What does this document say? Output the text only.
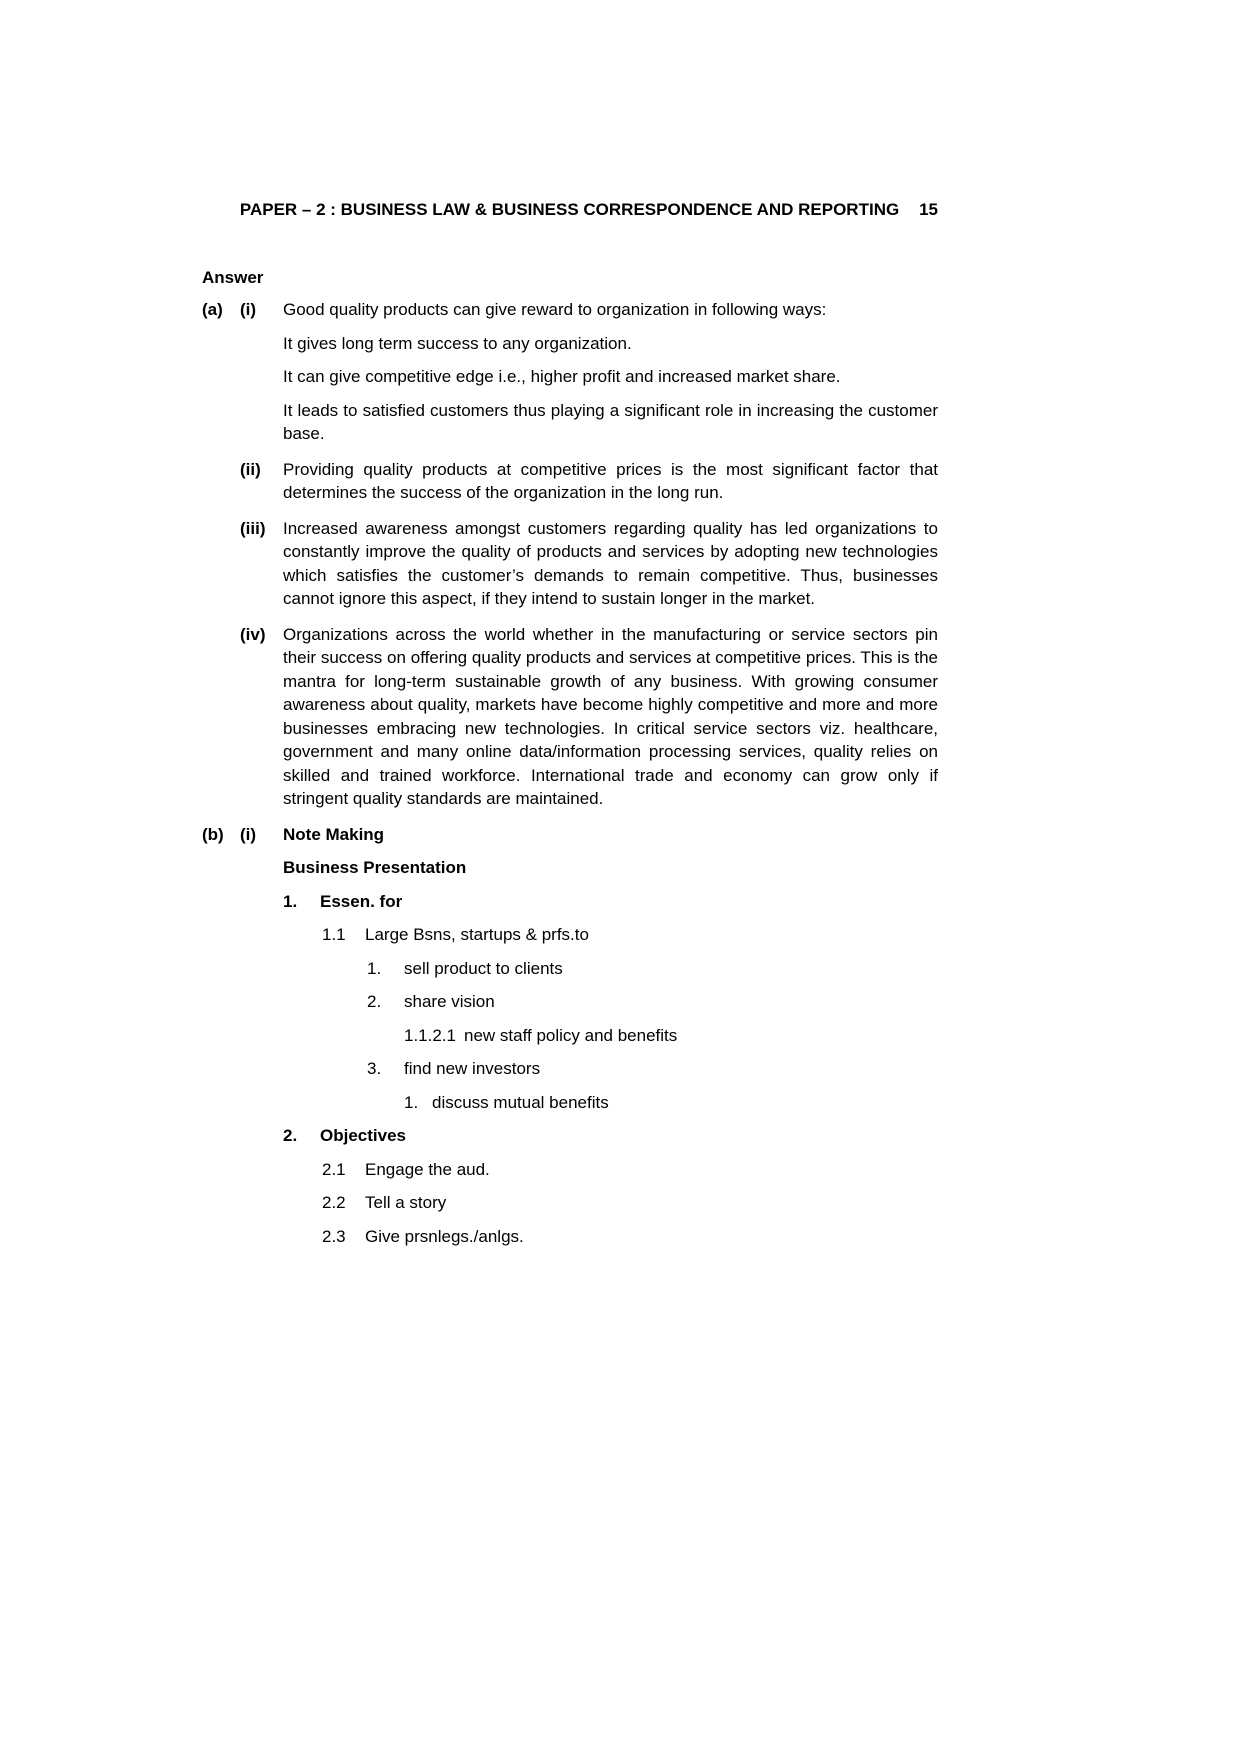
PAPER – 2 : BUSINESS LAW & BUSINESS CORRESPONDENCE AND REPORTING	15
Answer
(a)	(i)	Good quality products can give reward to organization in following ways:

It gives long term success to any organization.

It can give competitive edge i.e., higher profit and increased market share.

It leads to satisfied customers thus playing a significant role in increasing the customer base.

(ii)	Providing quality products at competitive prices is the most significant factor that determines the success of the organization in the long run.

(iii)	Increased awareness amongst customers regarding quality has led organizations to constantly improve the quality of products and services by adopting new technologies which satisfies the customer’s demands to remain competitive. Thus, businesses cannot ignore this aspect, if they intend to sustain longer in the market.

(iv)	Organizations across the world whether in the manufacturing or service sectors pin their success on offering quality products and services at competitive prices. This is the mantra for long-term sustainable growth of any business. With growing consumer awareness about quality, markets have become highly competitive and more and more businesses embracing new technologies. In critical service sectors viz. healthcare, government and many online data/information processing services, quality relies on skilled and trained workforce. International trade and economy can grow only if stringent quality standards are maintained.

(b) (i)	Note Making
Business Presentation
1.	Essen. for
1.1	Large Bsns, startups & prfs.to
1.	sell product to clients
2.	share vision
1.1.2.1 new staff policy and benefits
3.	find new investors
1. discuss mutual benefits
2.	Objectives
2.1	Engage the aud.
2.2	Tell a story
2.3	Give prsnlegs./anlgs.
